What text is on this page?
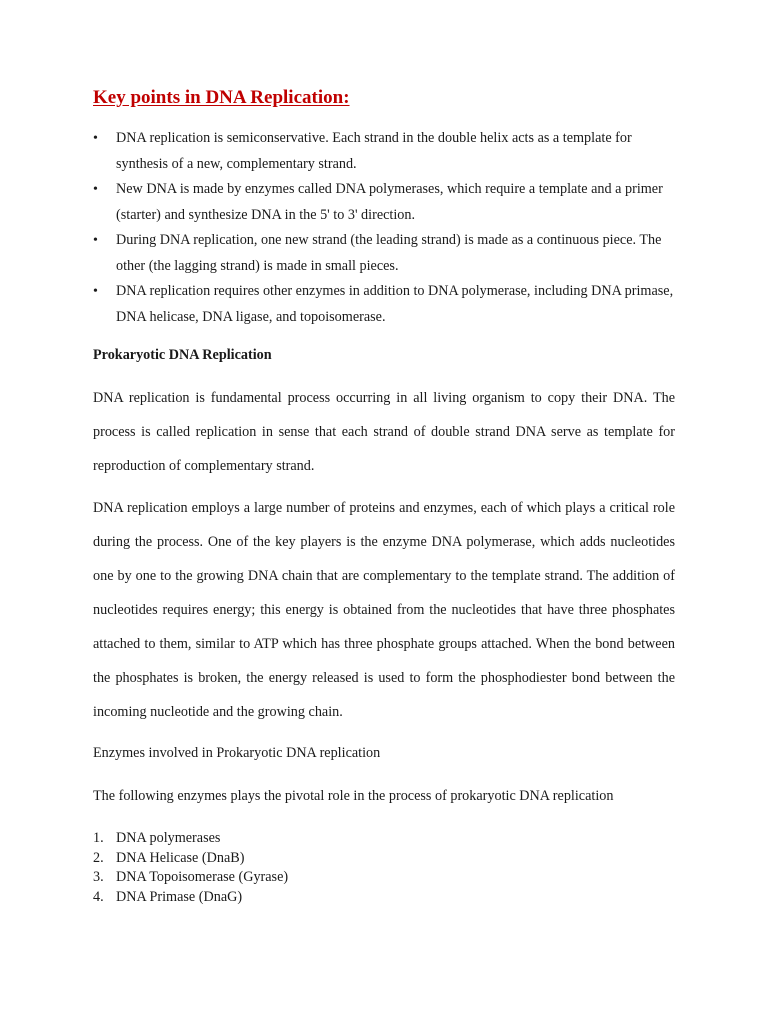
Key points in DNA Replication:
• DNA replication is semiconservative. Each strand in the double helix acts as a template for synthesis of a new, complementary strand.
• New DNA is made by enzymes called DNA polymerases, which require a template and a primer (starter) and synthesize DNA in the 5' to 3' direction.
• During DNA replication, one new strand (the leading strand) is made as a continuous piece. The other (the lagging strand) is made in small pieces.
• DNA replication requires other enzymes in addition to DNA polymerase, including DNA primase, DNA helicase, DNA ligase, and topoisomerase.
Prokaryotic DNA Replication

DNA replication is fundamental process occurring in all living organism to copy their DNA. The process is called replication in sense that each strand of double strand DNA serve as template for reproduction of complementary strand.

DNA replication employs a large number of proteins and enzymes, each of which plays a critical role during the process. One of the key players is the enzyme DNA polymerase, which adds nucleotides one by one to the growing DNA chain that are complementary to the template strand. The addition of nucleotides requires energy; this energy is obtained from the nucleotides that have three phosphates attached to them, similar to ATP which has three phosphate groups attached. When the bond between the phosphates is broken, the energy released is used to form the phosphodiester bond between the incoming nucleotide and the growing chain.

Enzymes involved in Prokaryotic DNA replication

The following enzymes plays the pivotal role in the process of prokaryotic DNA replication

1. DNA polymerases
2. DNA Helicase (DnaB)
3. DNA Topoisomerase (Gyrase)
4. DNA Primase (DnaG)
